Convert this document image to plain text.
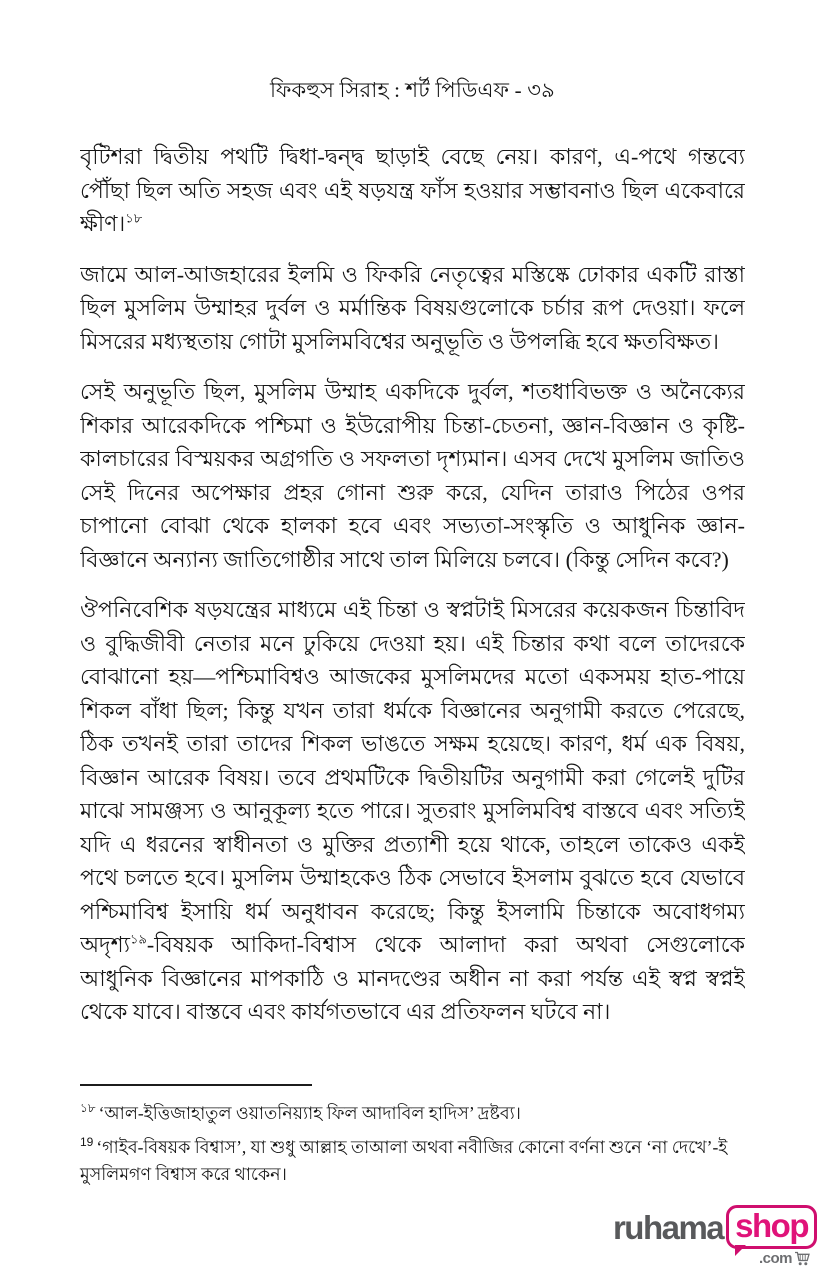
ফিকহুস সিরাহ : শর্ট পিডিএফ - ৩৯

বৃটিশরা দ্বিতীয় পথটি দ্বিধা-দ্বন্দ্ব ছাড়াই বেছে নেয়। কারণ, এ-পথে গন্তব্যে পৌঁছা ছিল অতি সহজ এবং এই ষড়যন্ত্র ফাঁস হওয়ার সম্ভাবনাও ছিল একেবারে ক্ষীণ।$^{১৮}$

জামে আল-আজহারের ইলমি ও ফিকরি নেতৃত্বের মস্তিষ্কে ঢোকার একটি রাস্তা ছিল মুসলিম উম্মাহর দুর্বল ও মর্মান্তিক বিষয়গুলোকে চর্চার রূপ দেওয়া। ফলে মিসরের মধ্যস্থতায় গোটা মুসলিমবিশ্বের অনুভূতি ও উপলব্ধি হবে ক্ষতবিক্ষত।

সেই অনুভূতি ছিল, মুসলিম উম্মাহ একদিকে দুর্বল, শতধাবিভক্ত ও অনৈক্যের শিকার আরেকদিকে পশ্চিমা ও ইউরোপীয় চিন্তা-চেতনা, জ্ঞান-বিজ্ঞান ও কৃষ্টি-কালচারের বিস্ময়কর অগ্রগতি ও সফলতা দৃশ্যমান। এসব দেখে মুসলিম জাতিও সেই দিনের অপেক্ষার প্রহর গোনা শুরু করে, যেদিন তারাও পিঠের ওপর চাপানো বোঝা থেকে হালকা হবে এবং সভ্যতা-সংস্কৃতি ও আধুনিক জ্ঞান-বিজ্ঞানে অন্যান্য জাতিগোষ্ঠীর সাথে তাল মিলিয়ে চলবে। (কিন্তু সেদিন কবে?)

ঔপনিবেশিক ষড়যন্ত্রের মাধ্যমে এই চিন্তা ও স্বপ্নটাই মিসরের কয়েকজন চিন্তাবিদ ও বুদ্ধিজীবী নেতার মনে ঢুকিয়ে দেওয়া হয়। এই চিন্তার কথা বলে তাদেরকে বোঝানো হয়—পশ্চিমাবিশ্বও আজকের মুসলিমদের মতো একসময় হাত-পায়ে শিকল বাঁধা ছিল; কিন্তু যখন তারা ধর্মকে বিজ্ঞানের অনুগামী করতে পেরেছে, ঠিক তখনই তারা তাদের শিকল ভাঙতে সক্ষম হয়েছে। কারণ, ধর্ম এক বিষয়, বিজ্ঞান আরেক বিষয়। তবে প্রথমটিকে দ্বিতীয়টির অনুগামী করা গেলেই দুটির মাঝে সামঞ্জস্য ও আনুকূল্য হতে পারে। সুতরাং মুসলিমবিশ্ব বাস্তবে এবং সত্যিই যদি এ ধরনের স্বাধীনতা ও মুক্তির প্রত্যাশী হয়ে থাকে, তাহলে তাকেও একই পথে চলতে হবে। মুসলিম উম্মাহকেও ঠিক সেভাবে ইসলাম বুঝতে হবে যেভাবে পশ্চিমাবিশ্ব ইসায়ি ধর্ম অনুধাবন করেছে; কিন্তু ইসলামি চিন্তাকে অবোধগম্য অদৃশ্য$^{১৯}$-বিষয়ক আকিদা-বিশ্বাস থেকে আলাদা করা অথবা সেগুলোকে আধুনিক বিজ্ঞানের মাপকাঠি ও মানদণ্ডের অধীন না করা পর্যন্ত এই স্বপ্ন স্বপ্নই থেকে যাবে। বাস্তবে এবং কার্যগতভাবে এর প্রতিফলন ঘটবে না।

$^{১৮}$ ‘আল-ইত্তিজাহাতুল ওয়াতনিয়্যাহ ফিল আদাবিল হাদিস’ দ্রষ্টব্য।

$^{19}$ ‘গাইব-বিষয়ক বিশ্বাস’, যা শুধু আল্লাহ তাআলা অথবা নবীজির কোনো বর্ণনা শুনে ‘না দেখে’-ই মুসলিমগণ বিশ্বাস করে থাকেন।

ruhama shop
.com
